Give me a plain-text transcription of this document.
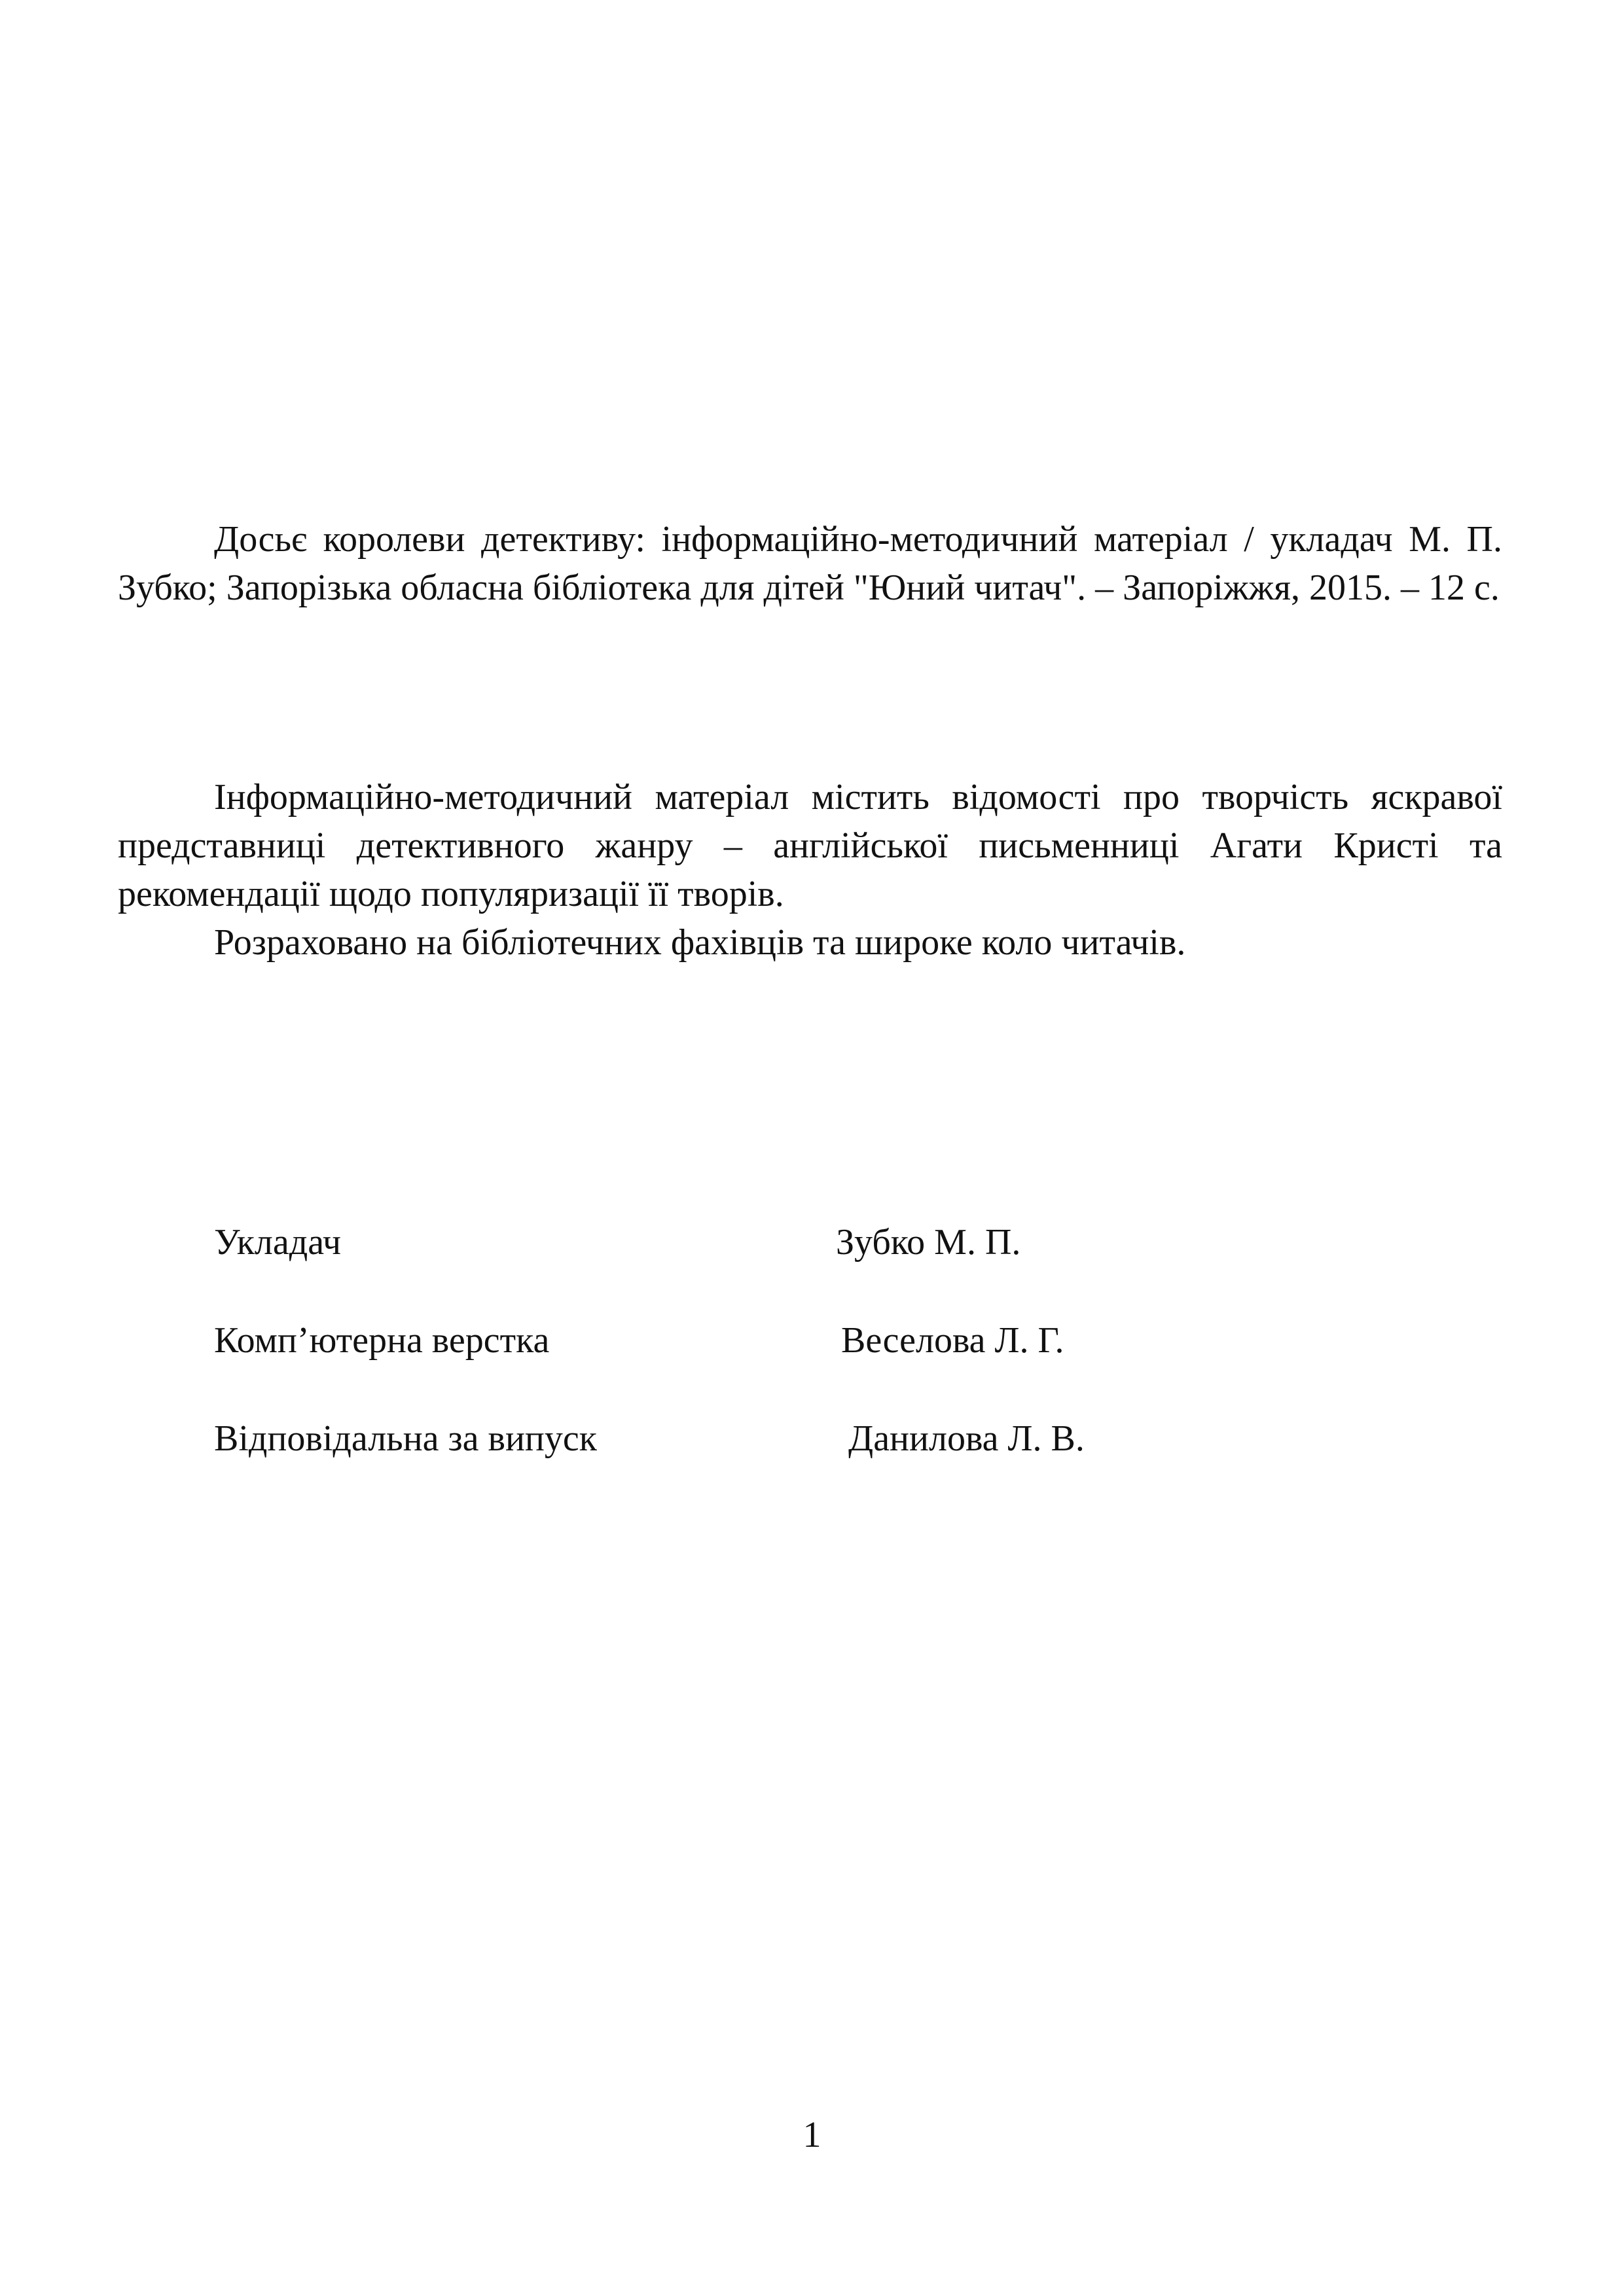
Досьє королеви детективу: інформаційно-методичний матеріал / укладач М. П. Зубко; Запорізька обласна бібліотека для дітей "Юний читач". – Запоріжжя, 2015. – 12 с.

Інформаційно-методичний матеріал містить відомості про творчість яскравої представниці детективного жанру – англійської письменниці Агати Кристі та рекомендації щодо популяризації її творів.

Розраховано на бібліотечних фахівців та широке коло читачів.

Укладач	Зубко М. П.
Комп’ютерна верстка	Веселова Л. Г.
Відповідальна за випуск	Данилова Л. В.
1
